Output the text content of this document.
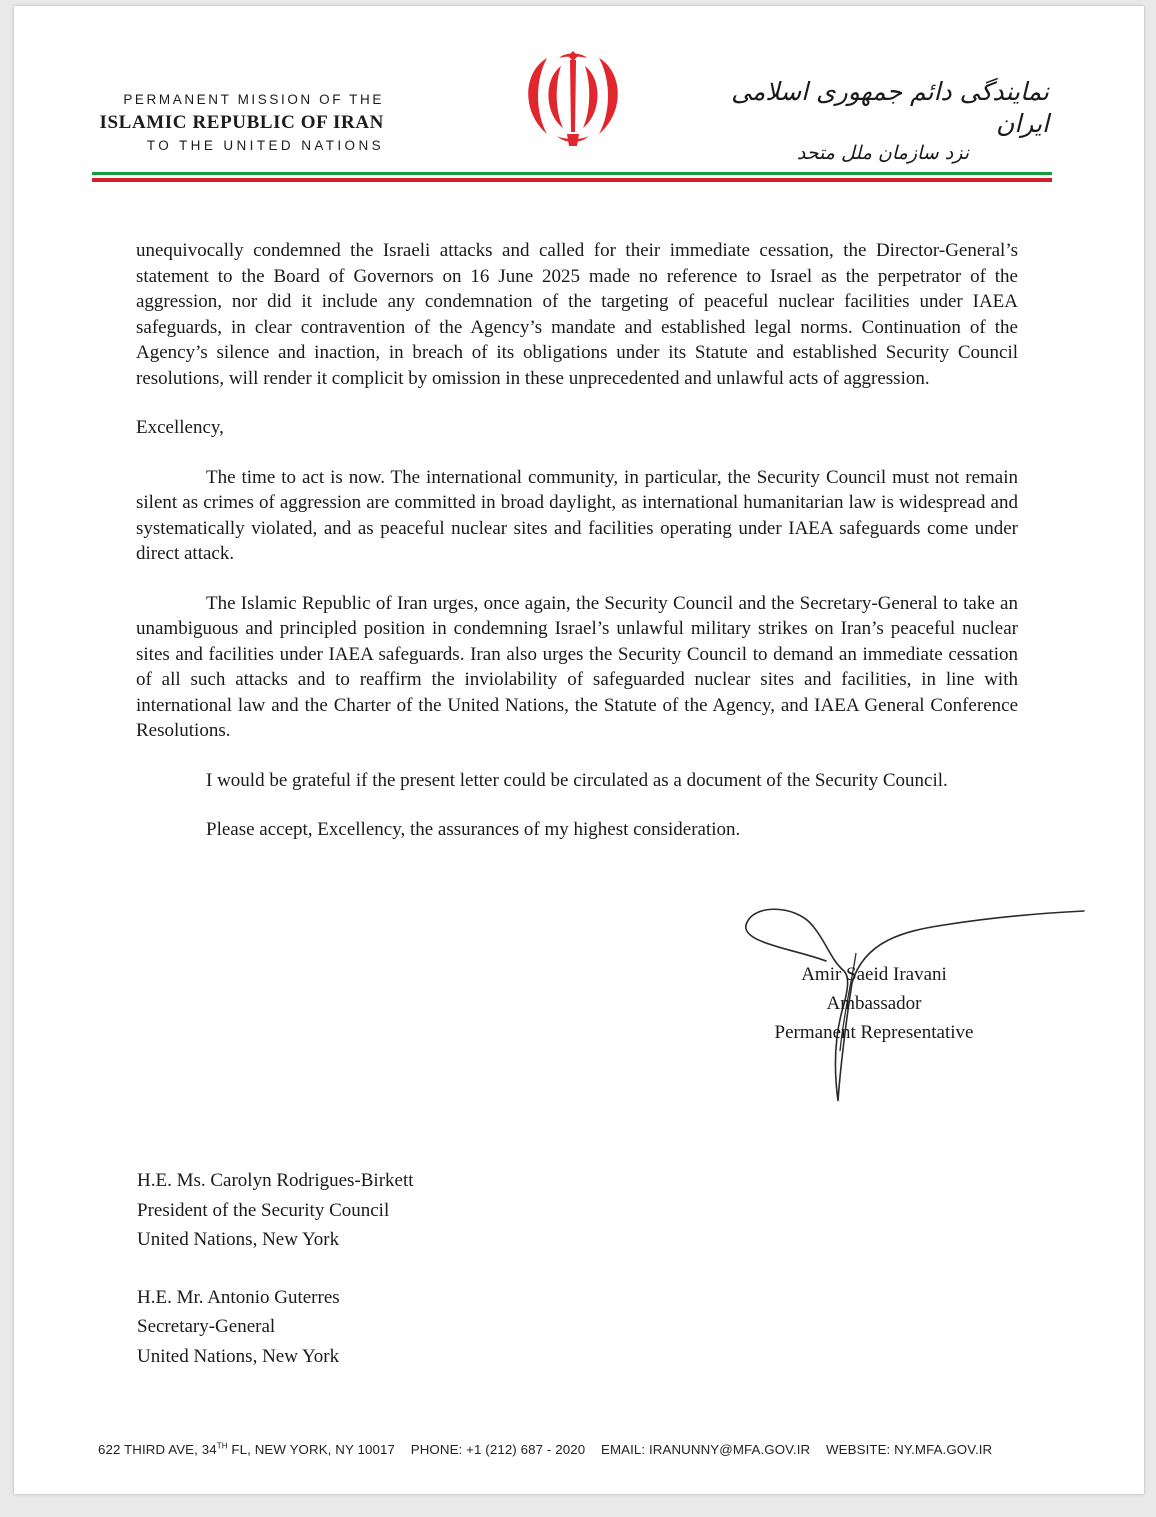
PERMANENT MISSION OF THE
ISLAMIC REPUBLIC OF IRAN
TO THE UNITED NATIONS
نمایندگی دائم جمهوری اسلامی ایران
نزد سازمان ملل متحد

unequivocally condemned the Israeli attacks and called for their immediate cessation, the Director-General’s statement to the Board of Governors on 16 June 2025 made no reference to Israel as the perpetrator of the aggression, nor did it include any condemnation of the targeting of peaceful nuclear facilities under IAEA safeguards, in clear contravention of the Agency’s mandate and established legal norms. Continuation of the Agency’s silence and inaction, in breach of its obligations under its Statute and established Security Council resolutions, will render it complicit by omission in these unprecedented and unlawful acts of aggression.

Excellency,

The time to act is now. The international community, in particular, the Security Council must not remain silent as crimes of aggression are committed in broad daylight, as international humanitarian law is widespread and systematically violated, and as peaceful nuclear sites and facilities operating under IAEA safeguards come under direct attack.

The Islamic Republic of Iran urges, once again, the Security Council and the Secretary-General to take an unambiguous and principled position in condemning Israel’s unlawful military strikes on Iran’s peaceful nuclear sites and facilities under IAEA safeguards. Iran also urges the Security Council to demand an immediate cessation of all such attacks and to reaffirm the inviolability of safeguarded nuclear sites and facilities, in line with international law and the Charter of the United Nations, the Statute of the Agency, and IAEA General Conference Resolutions.

I would be grateful if the present letter could be circulated as a document of the Security Council.

Please accept, Excellency, the assurances of my highest consideration.

Amir Saeid Iravani
Ambassador
Permanent Representative
H.E. Ms. Carolyn Rodrigues-Birkett
President of the Security Council
United Nations, New York
H.E. Mr. Antonio Guterres
Secretary-General
United Nations, New York
622 THIRD AVE, 34TH FL, NEW YORK, NY 10017 PHONE: +1 (212) 687 - 2020 EMAIL: IRANUNNY@MFA.GOV.IR WEBSITE: NY.MFA.GOV.IR
